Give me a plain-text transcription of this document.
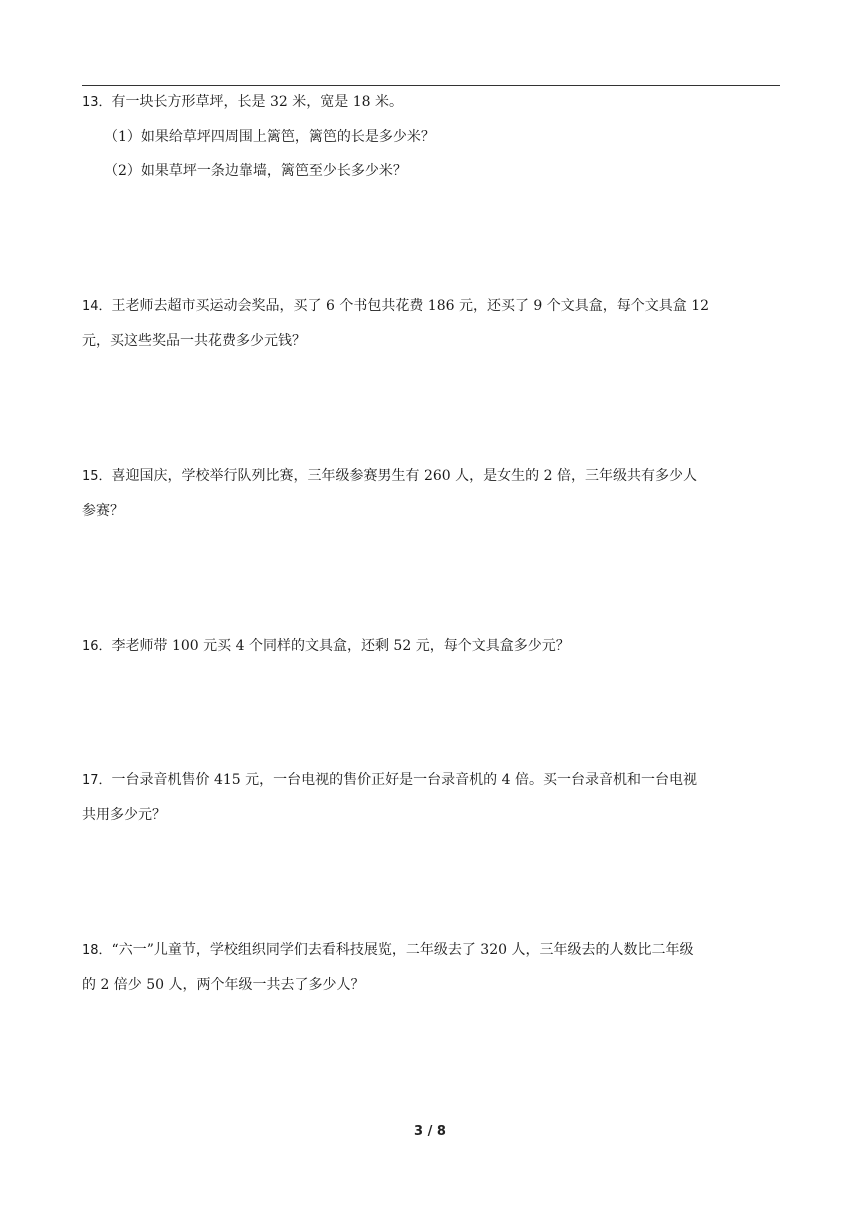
13．有一块长方形草坪，长是 32 米，宽是 18 米。
（1）如果给草坪四周围上篱笆，篱笆的长是多少米？
（2）如果草坪一条边靠墙，篱笆至少长多少米？
14．王老师去超市买运动会奖品，买了 6 个书包共花费 186 元，还买了 9 个文具盒，每个文具盒 12
元，买这些奖品一共花费多少元钱？
15．喜迎国庆，学校举行队列比赛，三年级参赛男生有 260 人，是女生的 2 倍，三年级共有多少人
参赛？
16．李老师带 100 元买 4 个同样的文具盒，还剩 52 元，每个文具盒多少元？
17．一台录音机售价 415 元，一台电视的售价正好是一台录音机的 4 倍。买一台录音机和一台电视
共用多少元？
18．“六一”儿童节，学校组织同学们去看科技展览，二年级去了 320 人，三年级去的人数比二年级
的 2 倍少 50 人，两个年级一共去了多少人？
3 / 8
